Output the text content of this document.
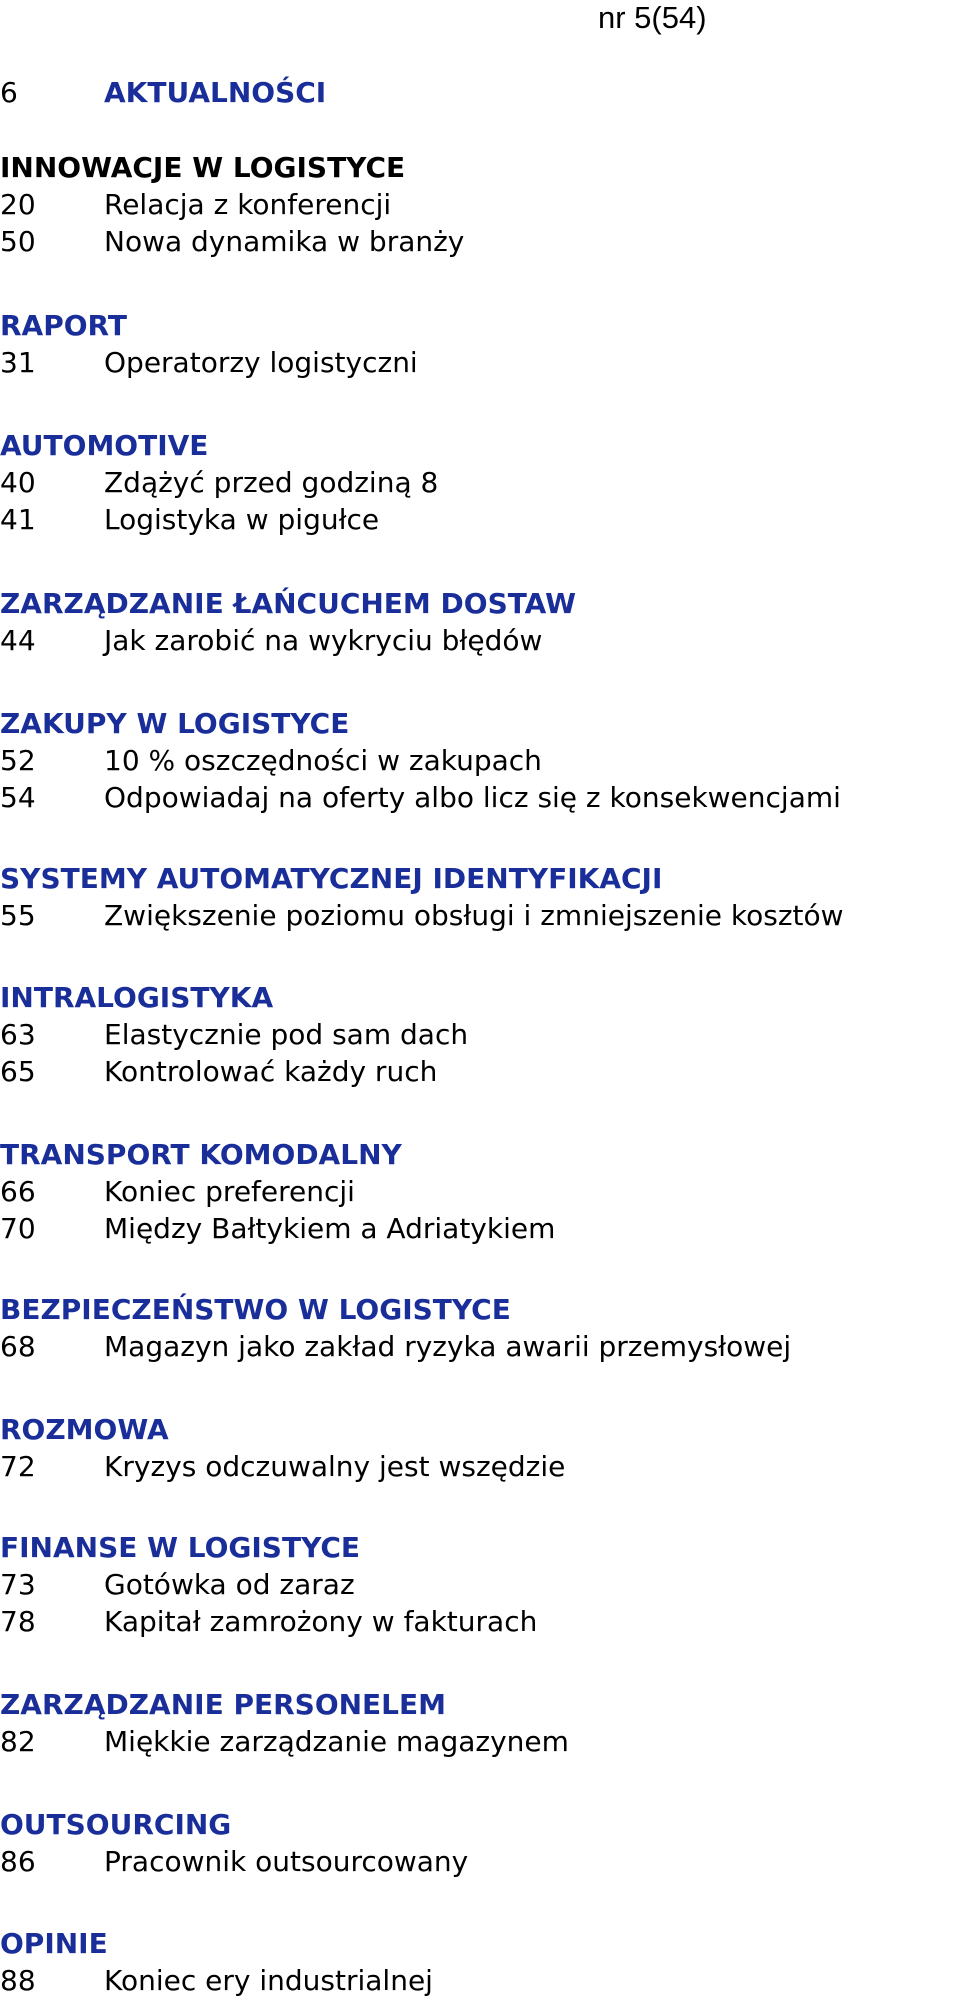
nr 5(54)
6	AKTUALNOŚCI
INNOWACJE W LOGISTYCE
20	Relacja z konferencji
50	Nowa dynamika w branży
RAPORT
31	Operatorzy logistyczni
AUTOMOTIVE
40	Zdążyć przed godziną 8
41	Logistyka w pigułce
ZARZĄDZANIE ŁAŃCUCHEM DOSTAW
44	Jak zarobić na wykryciu błędów
ZAKUPY W LOGISTYCE
52	10 % oszczędności w zakupach
54	Odpowiadaj na oferty albo licz się z konsekwencjami
SYSTEMY AUTOMATYCZNEJ IDENTYFIKACJI
55	Zwiększenie poziomu obsługi i zmniejszenie kosztów
INTRALOGISTYKA
63	Elastycznie pod sam dach
65	Kontrolować każdy ruch
TRANSPORT KOMODALNY
66	Koniec preferencji
70	Między Bałtykiem a Adriatykiem
BEZPIECZEŃSTWO W LOGISTYCE
68	Magazyn jako zakład ryzyka awarii przemysłowej
ROZMOWA
72	Kryzys odczuwalny jest wszędzie
FINANSE W LOGISTYCE
73	Gotówka od zaraz
78	Kapitał zamrożony w fakturach
ZARZĄDZANIE PERSONELEM
82	Miękkie zarządzanie magazynem
OUTSOURCING
86	Pracownik outsourcowany
OPINIE
88	Koniec ery industrialnej
